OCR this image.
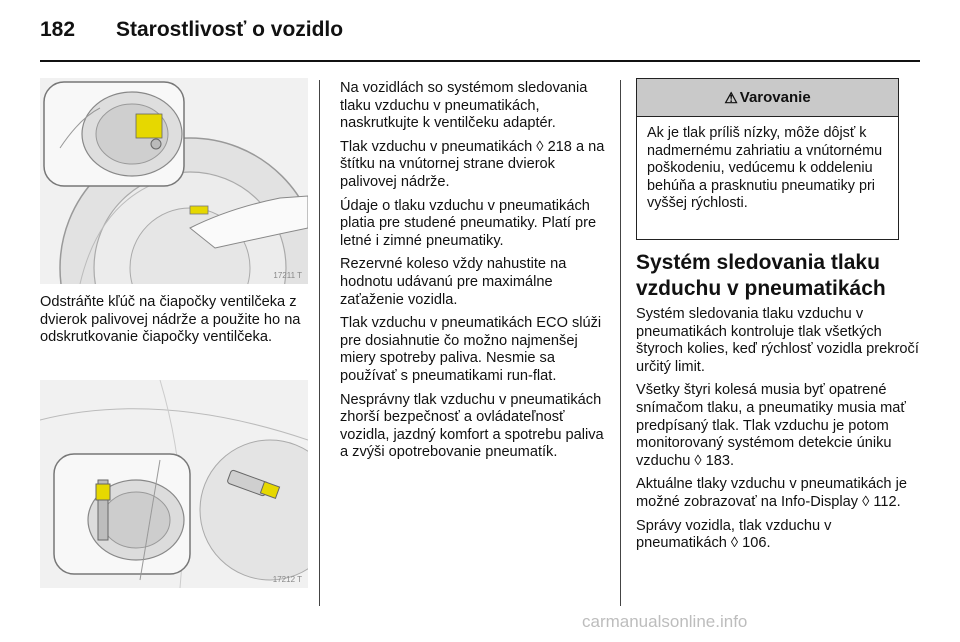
182 Starostlivosť o vozidlo
17211 T

Odstráňte kľúč na čiapočky ventilčeka z dvierok palivovej nádrže a použite ho na odskrutkovanie čiapočky ventilčeka.

17212 T

Na vozidlách so systémom sledovania tlaku vzduchu v pneumatikách, naskrutkujte k ventilčeku adaptér.

Tlak vzduchu v pneumatikách ◊ 218 a na štítku na vnútornej strane dvierok palivovej nádrže.

Údaje o tlaku vzduchu v pneumatikách platia pre studené pneumatiky. Platí pre letné i zimné pneumatiky.

Rezervné koleso vždy nahustite na hodnotu udávanú pre maximálne zaťaženie vozidla.

Tlak vzduchu v pneumatikách ECO slúži pre dosiahnutie čo možno najmenšej miery spotreby paliva. Nesmie sa používať s pneumatikami run-flat.

Nesprávny tlak vzduchu v pneumatikách zhorší bezpečnosť a ovládateľnosť vozidla, jazdný komfort a spotrebu paliva a zvýši opotrebovanie pneumatík.

⚠ Varovanie
Ak je tlak príliš nízky, môže dôjsť k nadmernému zahriatiu a vnútornému poškodeniu, vedúcemu k oddeleniu behúňa a prasknutiu pneumatiky pri vyššej rýchlosti.
Systém sledovania tlaku vzduchu v pneumatikách

Systém sledovania tlaku vzduchu v pneumatikách kontroluje tlak všetkých štyroch kolies, keď rýchlosť vozidla prekročí určitý limit.

Všetky štyri kolesá musia byť opatrené snímačom tlaku, a pneumatiky musia mať predpísaný tlak. Tlak vzduchu je potom monitorovaný systémom detekcie úniku vzduchu ◊ 183.

Aktuálne tlaky vzduchu v pneumatikách je možné zobrazovať na Info-Display ◊ 112.

Správy vozidla, tlak vzduchu v pneumatikách ◊ 106.

carmanualsonline.info
